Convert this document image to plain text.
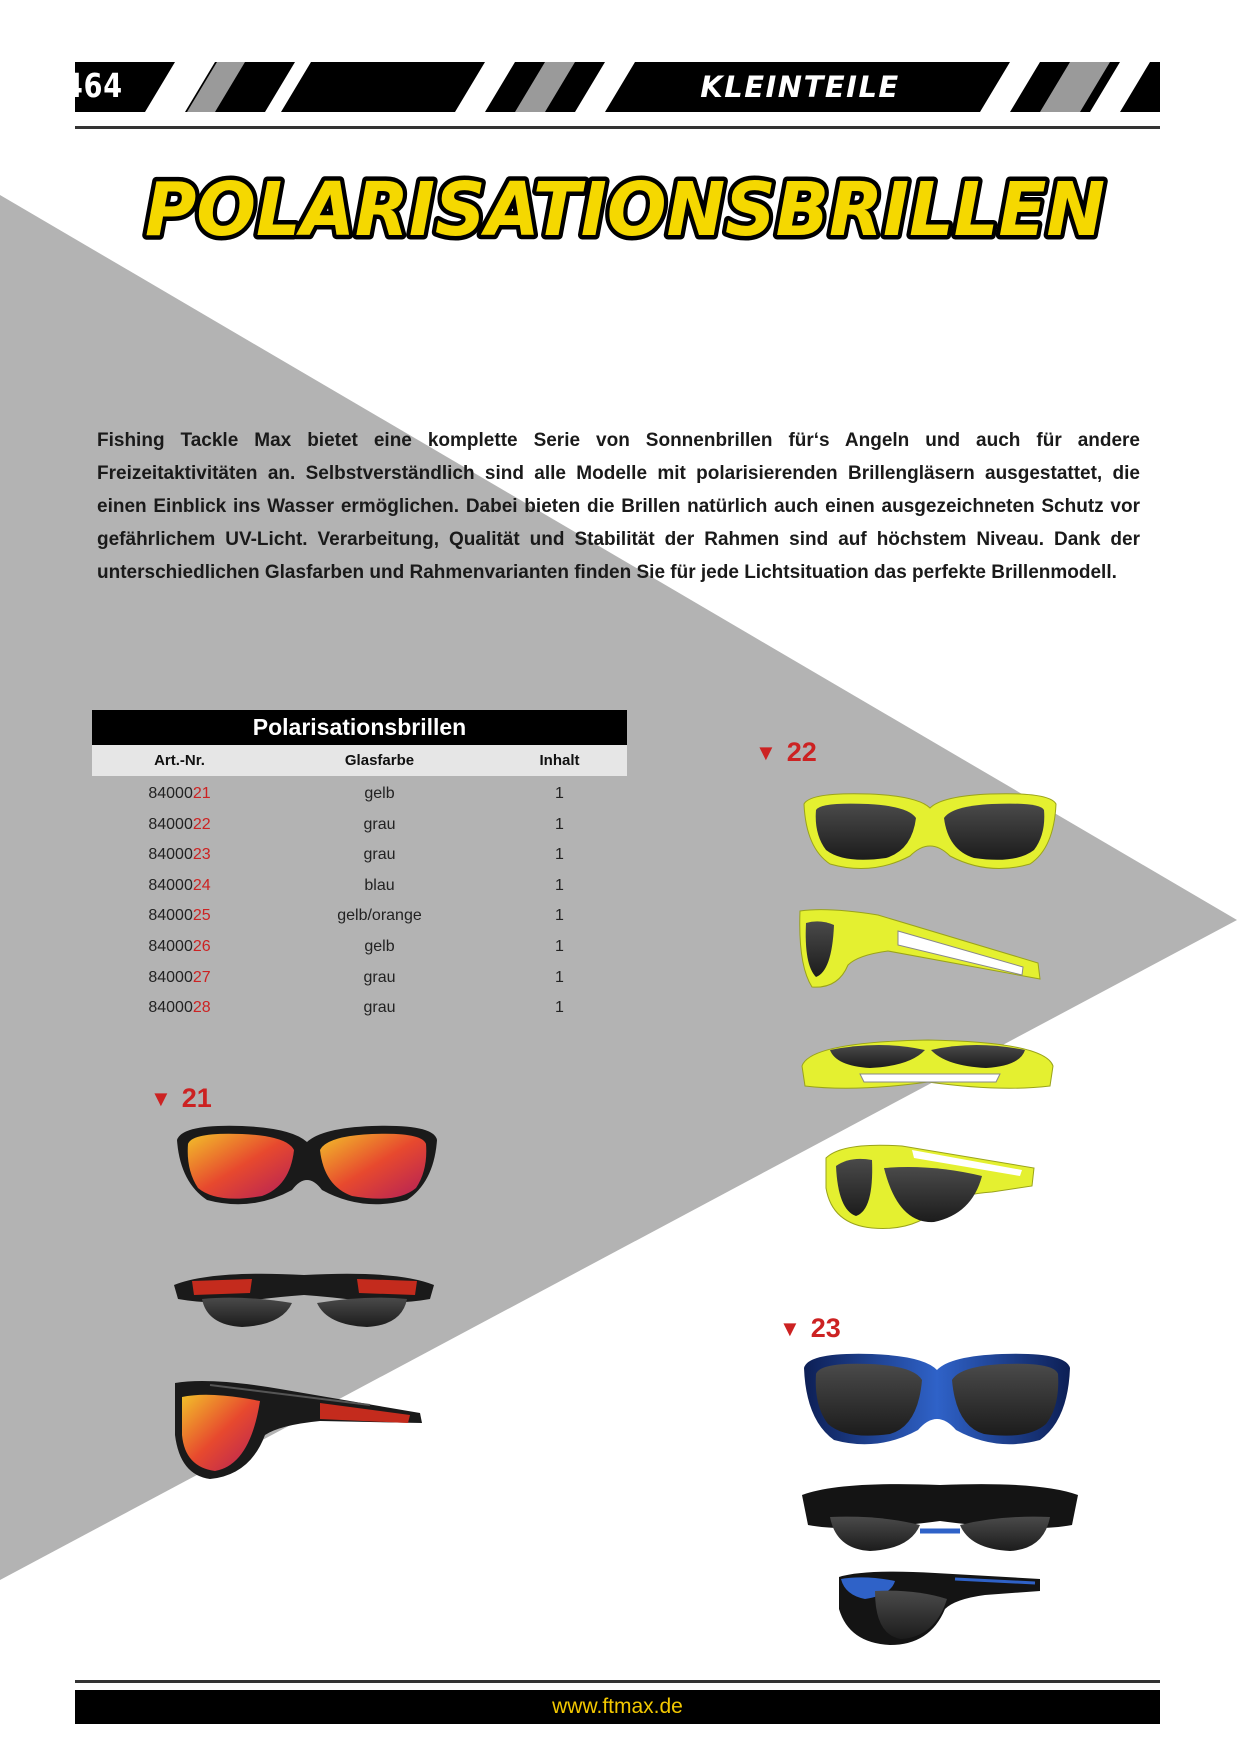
464	KLEINTEILE
POLARISATIONSBRILLEN
Fishing Tackle Max bietet eine komplette Serie von Sonnenbrillen für‘s Angeln und auch für andere Freizeitaktivitäten an. Selbstverständlich sind alle Modelle mit polarisierenden Brillengläsern ausgestattet, die einen Einblick ins Wasser ermöglichen. Dabei bieten die Brillen natürlich auch einen ausgezeichneten Schutz vor gefährlichem UV-Licht. Verarbeitung, Qualität und Stabilität der Rahmen sind auf höchstem Niveau. Dank der unterschiedlichen Glasfarben und Rahmenvarianten finden Sie für jede Lichtsituation das perfekte Brillenmodell.
Polarisationsbrillen
Art.-Nr.	Glasfarbe	Inhalt
8400021	gelb	1
8400022	grau	1
8400023	grau	1
8400024	blau	1
8400025	gelb/orange	1
8400026	gelb	1
8400027	grau	1
8400028	grau	1
▼ 21
▼ 22
▼ 23
www.ftmax.de
